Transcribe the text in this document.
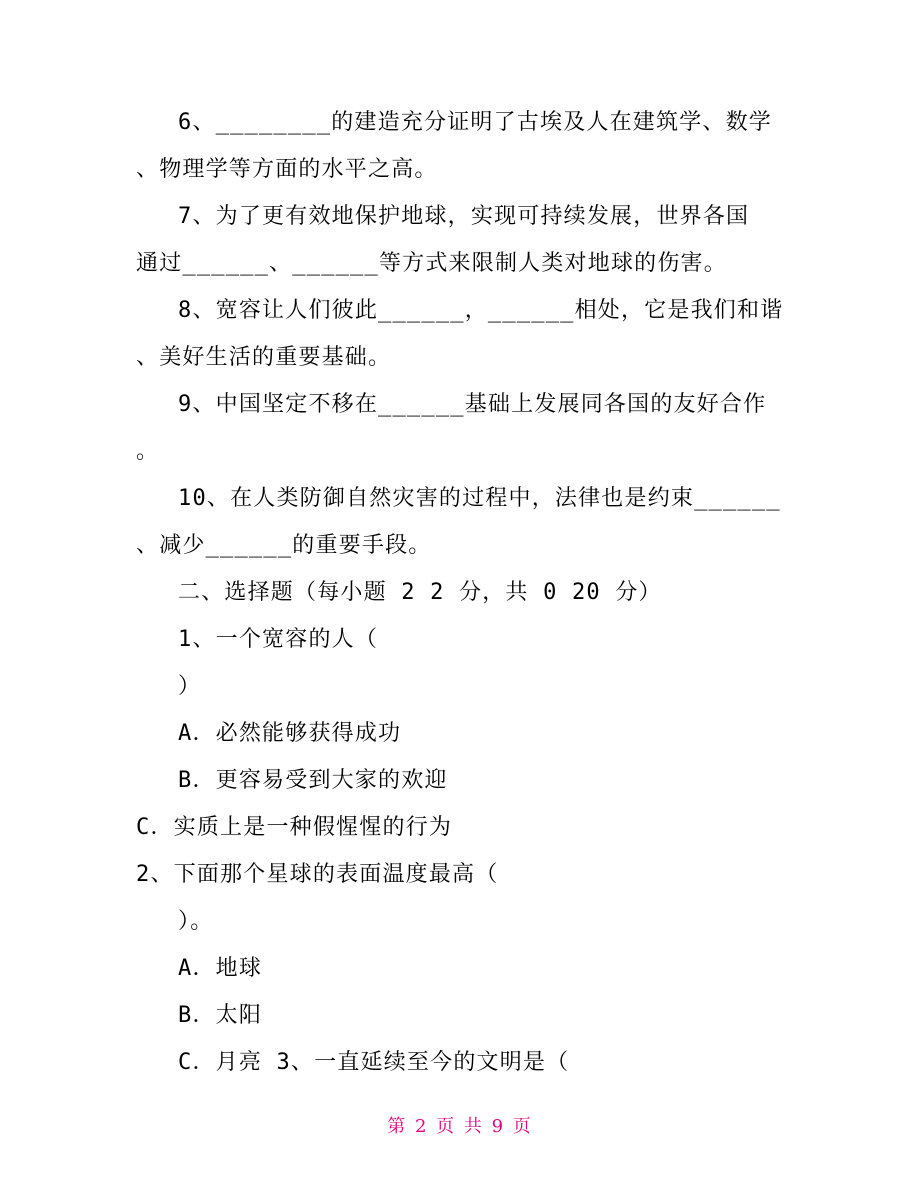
6、________的建造充分证明了古埃及人在建筑学、数学
、物理学等方面的水平之高。
7、为了更有效地保护地球，实现可持续发展，世界各国
通过______、______等方式来限制人类对地球的伤害。
8、宽容让人们彼此______，______相处，它是我们和谐
、美好生活的重要基础。
9、中国坚定不移在______基础上发展同各国的友好合作
。
10、在人类防御自然灾害的过程中，法律也是约束______
、减少______的重要手段。
二、选择题（每小题 2 2 分，共 0 20 分）
1、一个宽容的人（
）
A．必然能够获得成功
B．更容易受到大家的欢迎
C．实质上是一种假惺惺的行为
2、下面那个星球的表面温度最高（
）。
A．地球
B．太阳
C．月亮 3、一直延续至今的文明是（
第 2 页 共 9 页
